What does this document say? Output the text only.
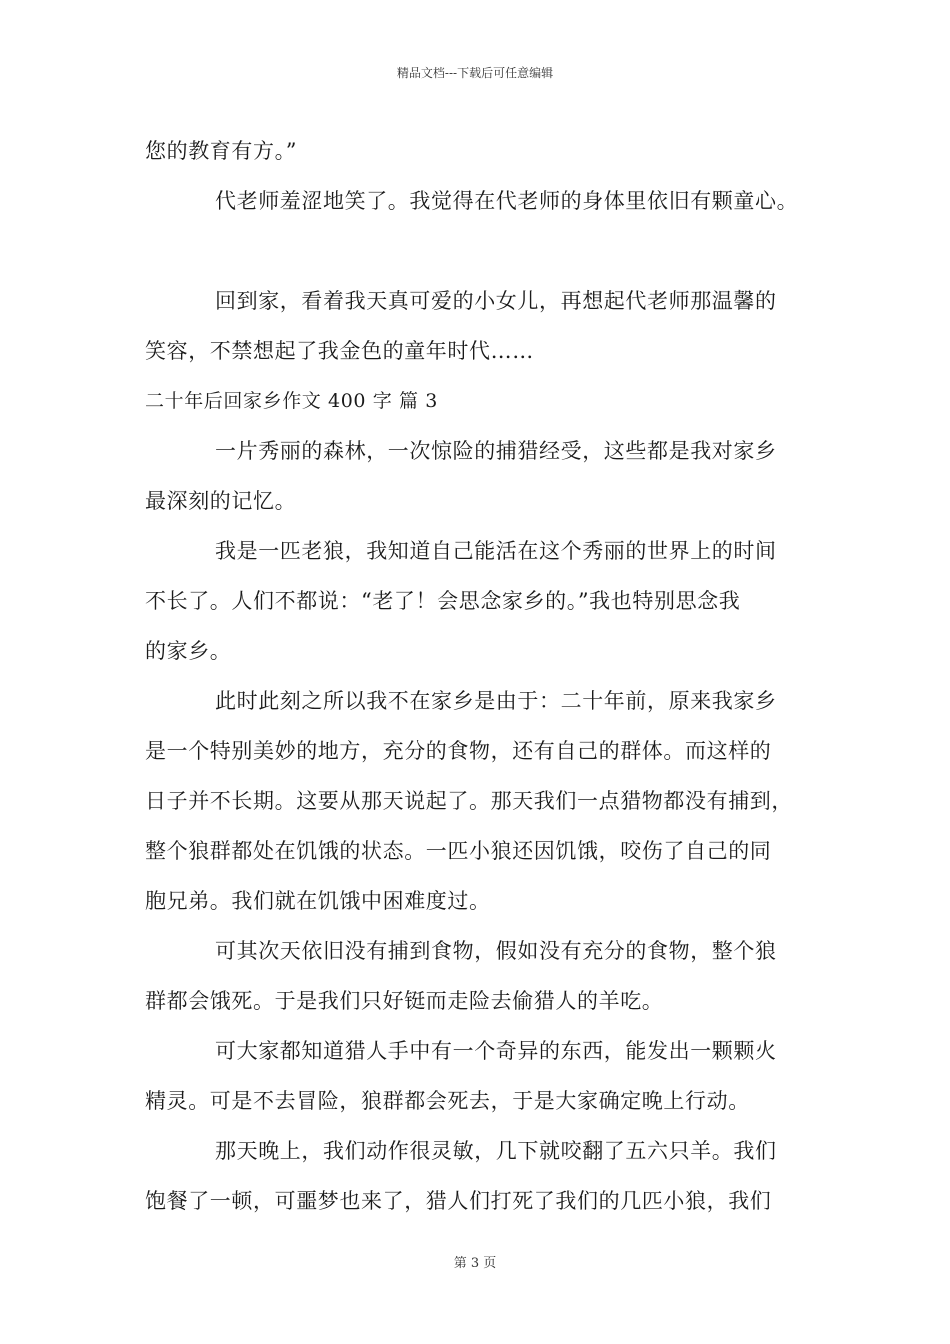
精品文档---下载后可任意编辑
您的教育有方。”
代老师羞涩地笑了。我觉得在代老师的身体里依旧有颗童心。
回到家，看着我天真可爱的小女儿，再想起代老师那温馨的
笑容，不禁想起了我金色的童年时代……
二十年后回家乡作文 400 字 篇 3
一片秀丽的森林，一次惊险的捕猎经受，这些都是我对家乡
最深刻的记忆。
我是一匹老狼，我知道自己能活在这个秀丽的世界上的时间
不长了。人们不都说：“老了！会思念家乡的。”我也特别思念我
的家乡。
此时此刻之所以我不在家乡是由于：二十年前，原来我家乡
是一个特别美妙的地方，充分的食物，还有自己的群体。而这样的
日子并不长期。这要从那天说起了。那天我们一点猎物都没有捕到，
整个狼群都处在饥饿的状态。一匹小狼还因饥饿，咬伤了自己的同
胞兄弟。我们就在饥饿中困难度过。
可其次天依旧没有捕到食物，假如没有充分的食物，整个狼
群都会饿死。于是我们只好铤而走险去偷猎人的羊吃。
可大家都知道猎人手中有一个奇异的东西，能发出一颗颗火
精灵。可是不去冒险，狼群都会死去，于是大家确定晚上行动。
那天晚上，我们动作很灵敏，几下就咬翻了五六只羊。我们
饱餐了一顿，可噩梦也来了，猎人们打死了我们的几匹小狼，我们
第 3 页
